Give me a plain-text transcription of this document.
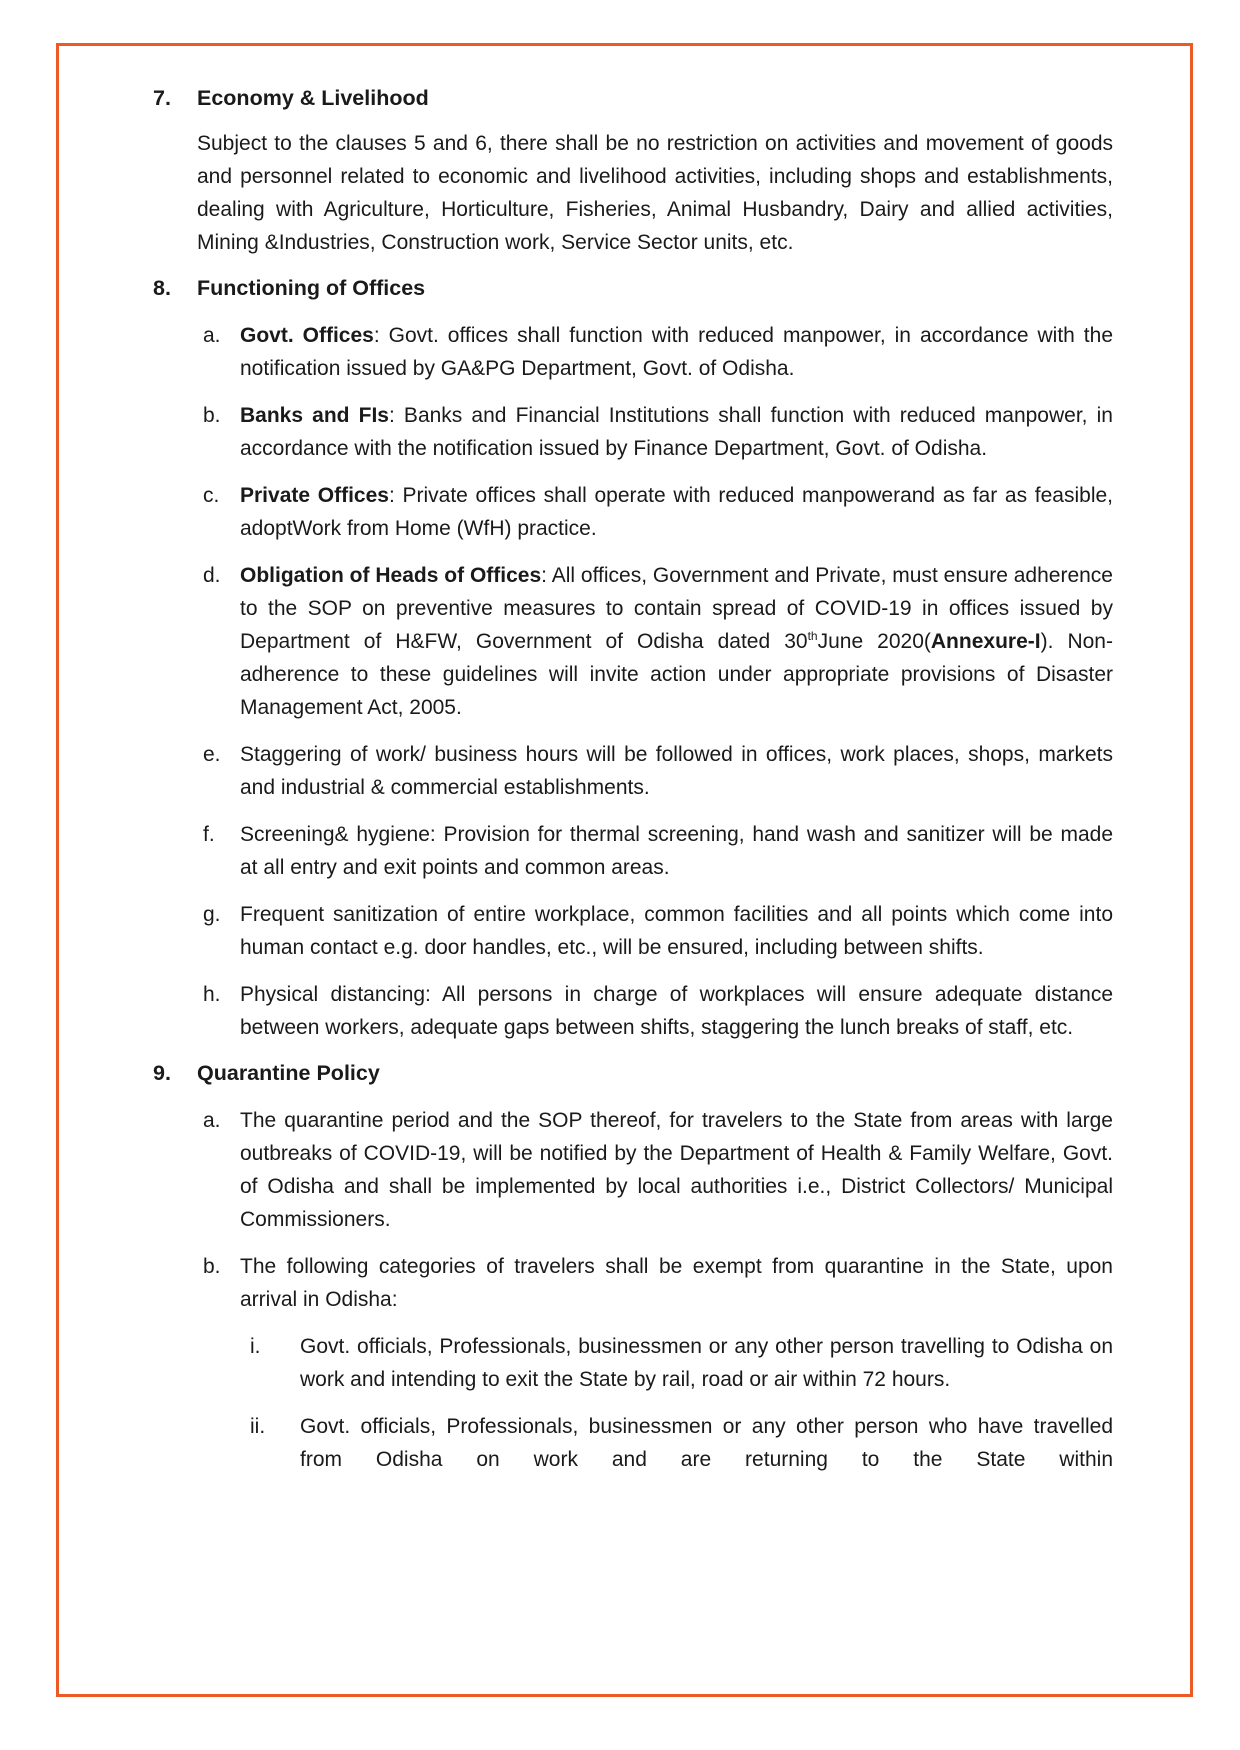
7. Economy & Livelihood

Subject to the clauses 5 and 6, there shall be no restriction on activities and movement of goods and personnel related to economic and livelihood activities, including shops and establishments, dealing with Agriculture, Horticulture, Fisheries, Animal Husbandry, Dairy and allied activities, Mining &Industries, Construction work, Service Sector units, etc.

8. Functioning of Offices
a. Govt. Offices: Govt. offices shall function with reduced manpower, in accordance with the notification issued by GA&PG Department, Govt. of Odisha.
b. Banks and FIs: Banks and Financial Institutions shall function with reduced manpower, in accordance with the notification issued by Finance Department, Govt. of Odisha.
c. Private Offices: Private offices shall operate with reduced manpowerand as far as feasible, adoptWork from Home (WfH) practice.
d. Obligation of Heads of Offices: All offices, Government and Private, must ensure adherence to the SOP on preventive measures to contain spread of COVID-19 in offices issued by Department of H&FW, Government of Odisha dated 30thJune 2020(Annexure-I). Non-adherence to these guidelines will invite action under appropriate provisions of Disaster Management Act, 2005.
e. Staggering of work/ business hours will be followed in offices, work places, shops, markets and industrial & commercial establishments.
f. Screening& hygiene: Provision for thermal screening, hand wash and sanitizer will be made at all entry and exit points and common areas.
g. Frequent sanitization of entire workplace, common facilities and all points which come into human contact e.g. door handles, etc., will be ensured, including between shifts.
h. Physical distancing: All persons in charge of workplaces will ensure adequate distance between workers, adequate gaps between shifts, staggering the lunch breaks of staff, etc.
9. Quarantine Policy
a. The quarantine period and the SOP thereof, for travelers to the State from areas with large outbreaks of COVID-19, will be notified by the Department of Health & Family Welfare, Govt. of Odisha and shall be implemented by local authorities i.e., District Collectors/ Municipal Commissioners.
b. The following categories of travelers shall be exempt from quarantine in the State, upon arrival in Odisha:
i. Govt. officials, Professionals, businessmen or any other person travelling to Odisha on work and intending to exit the State by rail, road or air within 72 hours.
ii. Govt. officials, Professionals, businessmen or any other person who have travelled from Odisha on work and are returning to the State within
